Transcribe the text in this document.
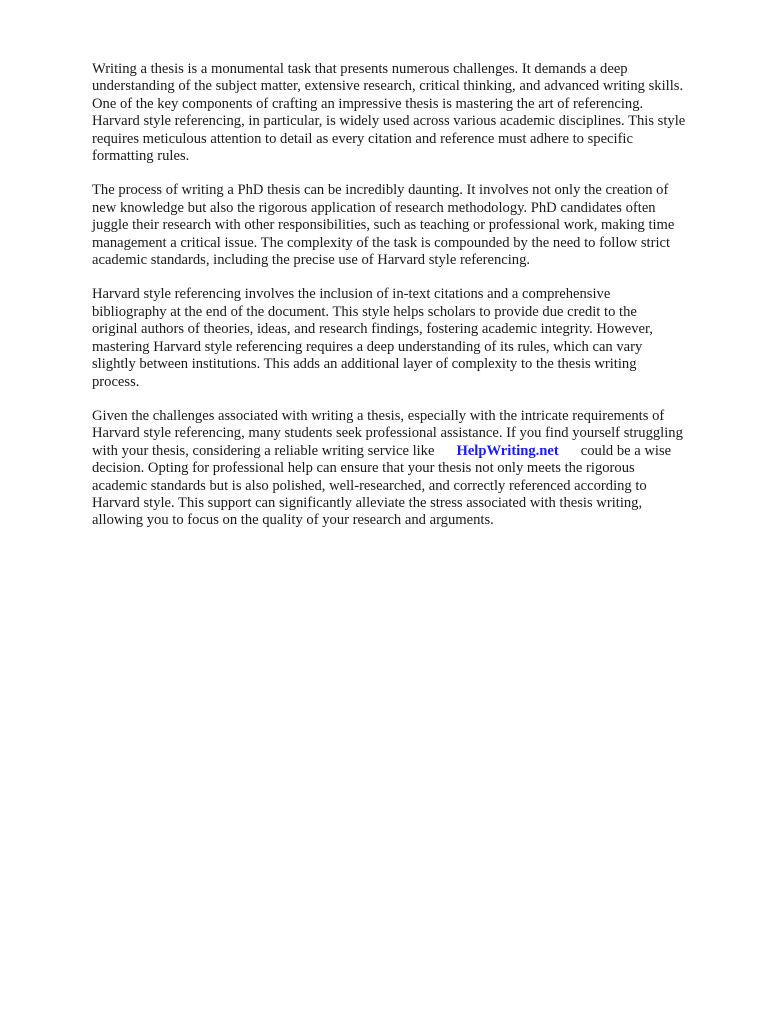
Writing a thesis is a monumental task that presents numerous challenges. It demands a deep
understanding of the subject matter, extensive research, critical thinking, and advanced writing skills.
One of the key components of crafting an impressive thesis is mastering the art of referencing.
Harvard style referencing, in particular, is widely used across various academic disciplines. This style
requires meticulous attention to detail as every citation and reference must adhere to specific
formatting rules.

The process of writing a PhD thesis can be incredibly daunting. It involves not only the creation of
new knowledge but also the rigorous application of research methodology. PhD candidates often
juggle their research with other responsibilities, such as teaching or professional work, making time
management a critical issue. The complexity of the task is compounded by the need to follow strict
academic standards, including the precise use of Harvard style referencing.

Harvard style referencing involves the inclusion of in-text citations and a comprehensive
bibliography at the end of the document. This style helps scholars to provide due credit to the
original authors of theories, ideas, and research findings, fostering academic integrity. However,
mastering Harvard style referencing requires a deep understanding of its rules, which can vary
slightly between institutions. This adds an additional layer of complexity to the thesis writing
process.

Given the challenges associated with writing a thesis, especially with the intricate requirements of
Harvard style referencing, many students seek professional assistance. If you find yourself struggling
with your thesis, considering a reliable writing service like HelpWriting.net could be a wise
decision. Opting for professional help can ensure that your thesis not only meets the rigorous
academic standards but is also polished, well-researched, and correctly referenced according to
Harvard style. This support can significantly alleviate the stress associated with thesis writing,
allowing you to focus on the quality of your research and arguments.
